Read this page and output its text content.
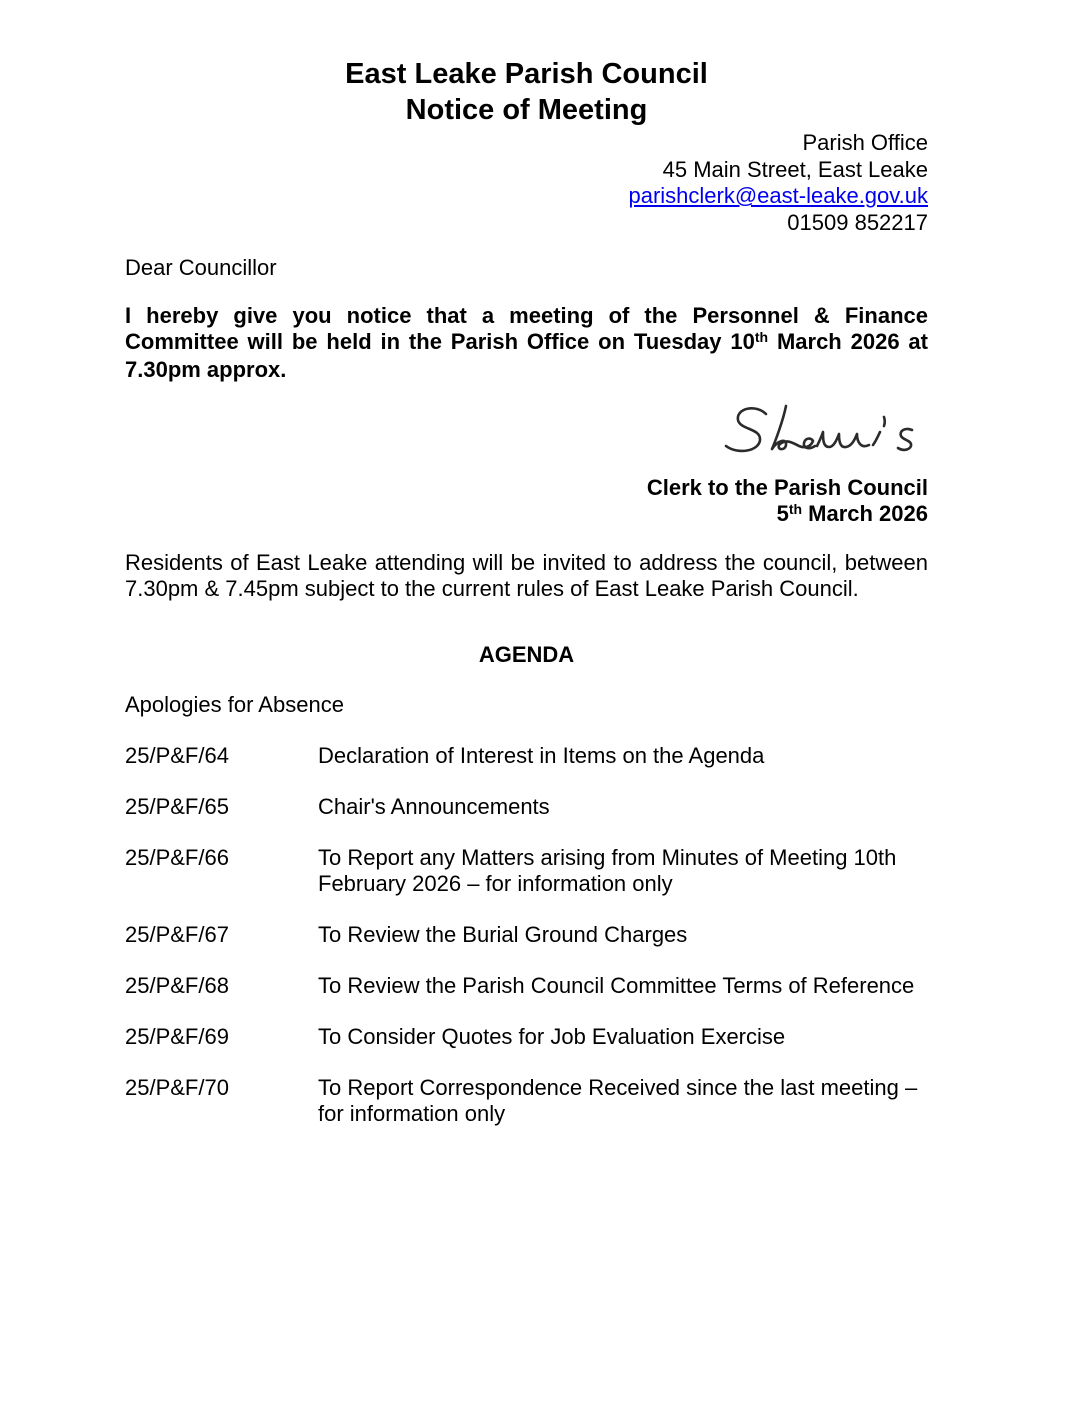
East Leake Parish Council
Notice of Meeting
Parish Office
45 Main Street, East Leake
parishclerk@east-leake.gov.uk
01509 852217
Dear Councillor
I hereby give you notice that a meeting of the Personnel & Finance Committee will be held in the Parish Office on Tuesday 10th March 2026 at 7.30pm approx.
Clerk to the Parish Council
5th March 2026
Residents of East Leake attending will be invited to address the council, between 7.30pm & 7.45pm subject to the current rules of East Leake Parish Council.
AGENDA
Apologies for Absence
25/P&F/64	Declaration of Interest in Items on the Agenda
25/P&F/65	Chair's Announcements
25/P&F/66	To Report any Matters arising from Minutes of Meeting 10th February 2026 – for information only
25/P&F/67	To Review the Burial Ground Charges
25/P&F/68	To Review the Parish Council Committee Terms of Reference
25/P&F/69	To Consider Quotes for Job Evaluation Exercise
25/P&F/70	To Report Correspondence Received since the last meeting – for information only
